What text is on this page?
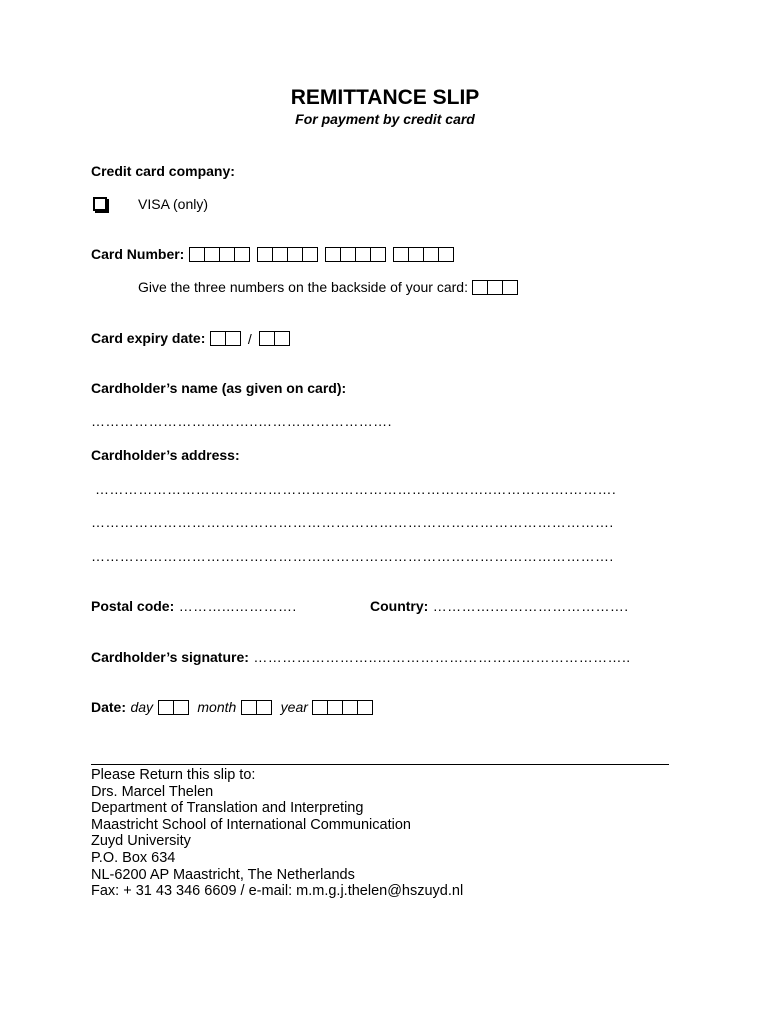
REMITTANCE SLIP
For payment by credit card
Credit card company:
VISA (only)
Card Number:
Give the three numbers on the backside of your card:
Card expiry date:	/
Cardholder’s name (as given on card):
……………………………..……………………….
Cardholder’s address:
………………………………………………………………………..…………….……….
……………………………………………………………………………………………….
……………………………………………………………………………………………….
Postal code: ………...………….	Country: ………….……………………….
Cardholder’s signature: ……………………..……………………………………………..
Date: day	month	year
Please Return this slip to:
Drs. Marcel Thelen
Department of Translation and Interpreting
Maastricht School of International Communication
Zuyd University
P.O. Box 634
NL-6200 AP Maastricht, The Netherlands
Fax: + 31 43 346 6609 / e-mail: m.m.g.j.thelen@hszuyd.nl
